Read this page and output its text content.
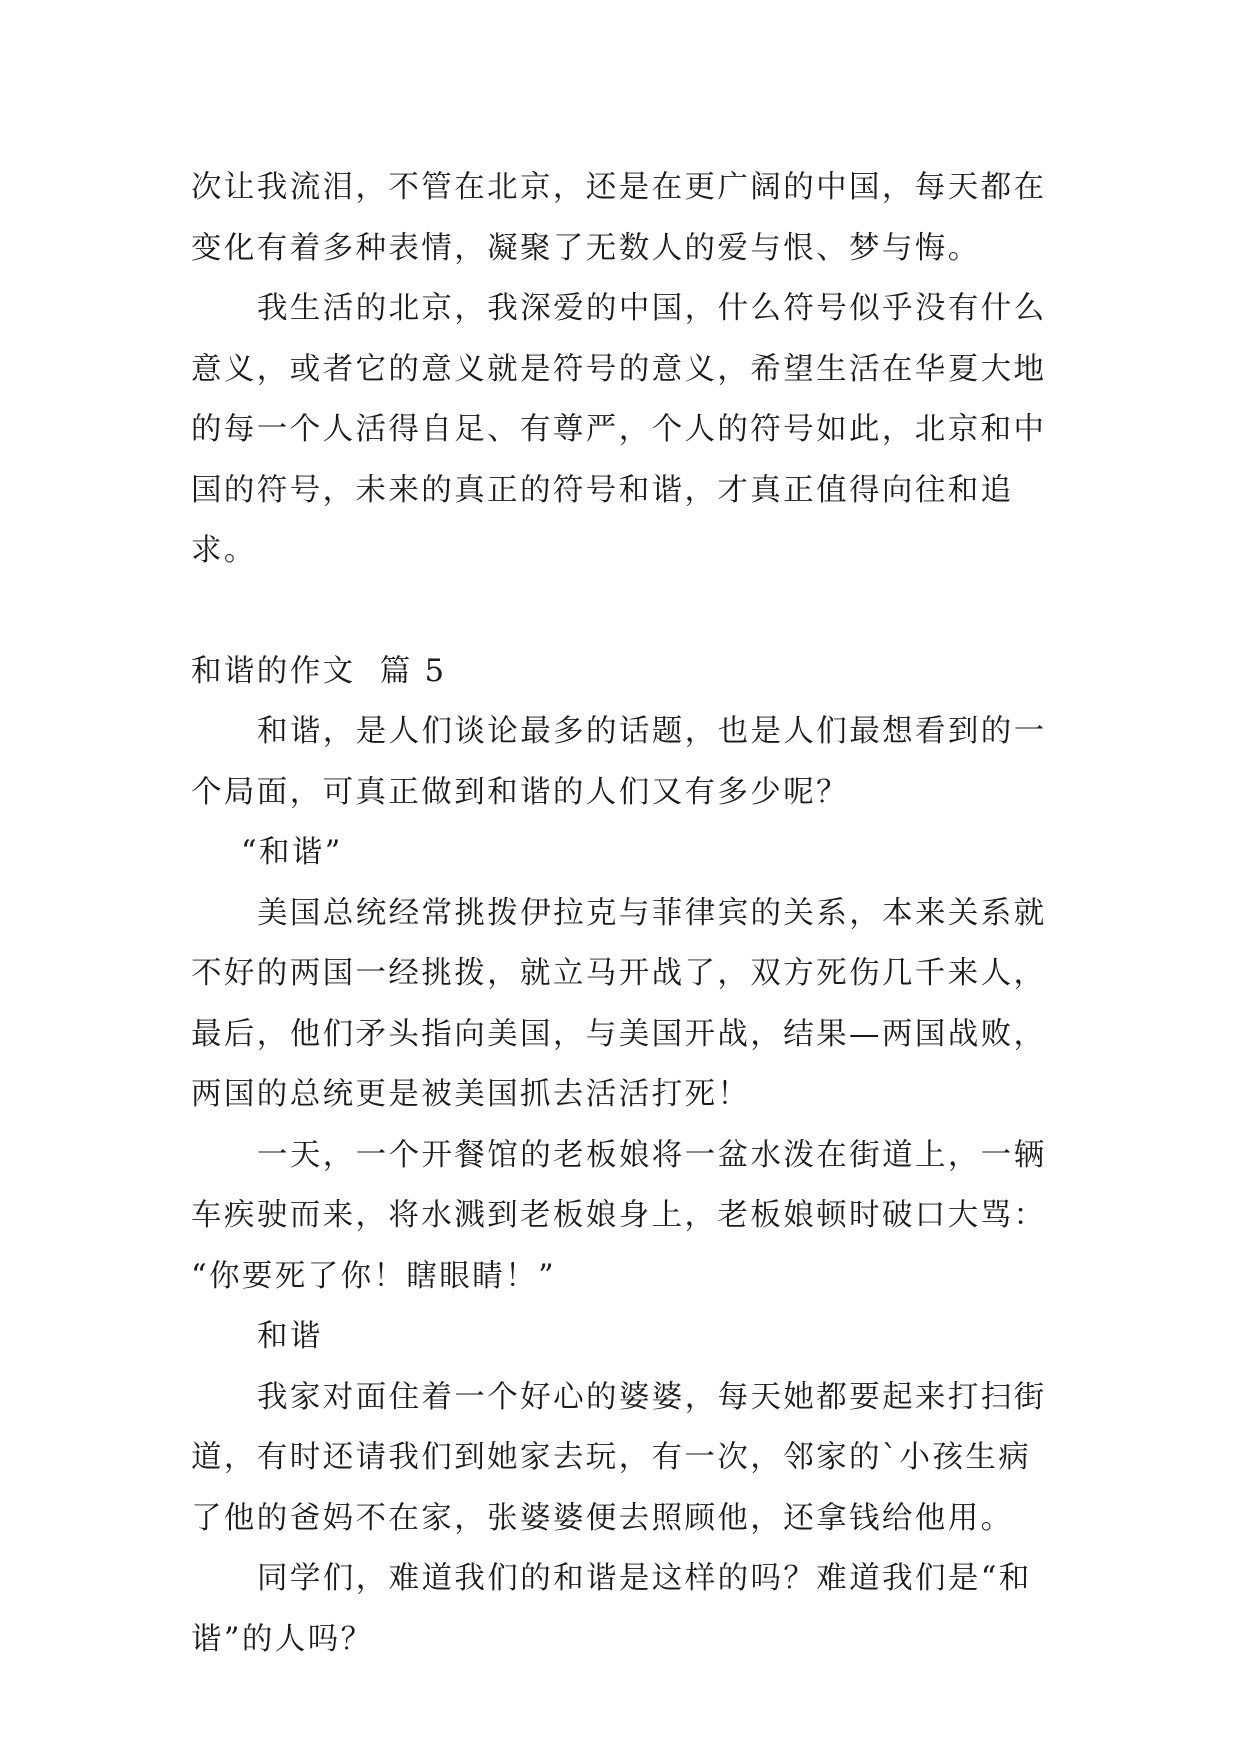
次让我流泪，不管在北京，还是在更广阔的中国，每天都在
变化有着多种表情，凝聚了无数人的爱与恨、梦与悔。

我生活的北京，我深爱的中国，什么符号似乎没有什么
意义，或者它的意义就是符号的意义，希望生活在华夏大地
的每一个人活得自足、有尊严，个人的符号如此，北京和中
国的符号，未来的真正的符号和谐，才真正值得向往和追求。

和谐的作文  篇 5

和谐，是人们谈论最多的话题，也是人们最想看到的一
个局面，可真正做到和谐的人们又有多少呢？

“和谐”

美国总统经常挑拨伊拉克与菲律宾的关系，本来关系就
不好的两国一经挑拨，就立马开战了，双方死伤几千来人，
最后，他们矛头指向美国，与美国开战，结果—两国战败，
两国的总统更是被美国抓去活活打死！

一天，一个开餐馆的老板娘将一盆水泼在街道上，一辆
车疾驶而来，将水溅到老板娘身上，老板娘顿时破口大骂：
“你要死了你！瞎眼睛！”

和谐

我家对面住着一个好心的婆婆，每天她都要起来打扫街
道，有时还请我们到她家去玩，有一次，邻家的`小孩生病
了他的爸妈不在家，张婆婆便去照顾他，还拿钱给他用。

同学们，难道我们的和谐是这样的吗？难道我们是“和
谐”的人吗？
